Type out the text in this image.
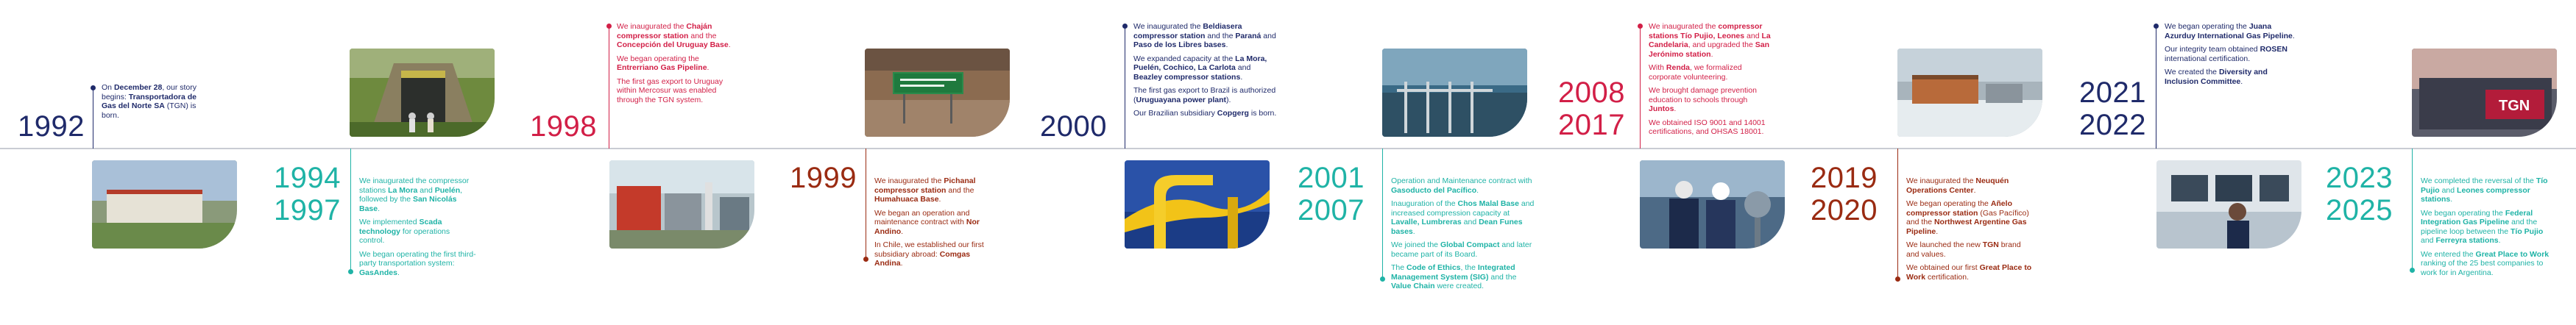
TGN
1992
1994
1997
1998
1999
2000
2001
2007
2008
2017
2019
2020
2021
2022
2023
2025
On December 28, our story begins: Transportadora de Gas del Norte SA (TGN) is born.
We inaugurated the compressor stations La Mora and Puelén, followed by the San Nicolás Base.
We implemented Scada technology for operations control.
We began operating the first third-party transportation system: GasAndes.
We inaugurated the Chaján compressor station and the Concepción del Uruguay Base.
We began operating the Entrerriano Gas Pipeline.
The first gas export to Uruguay within Mercosur was enabled through the TGN system.
We inaugurated the Pichanal compressor station and the Humahuaca Base.
We began an operation and maintenance contract with Nor Andino.
In Chile, we established our first subsidiary abroad: Comgas Andina.
We inaugurated the Beldiasera compressor station and the Paraná and Paso de los Libres bases.
We expanded capacity at the La Mora, Puelén, Cochico, La Carlota and Beazley compressor stations.
The first gas export to Brazil is authorized (Uruguayana power plant).
Our Brazilian subsidiary Copgerg is born.
Operation and Maintenance contract with Gasoducto del Pacífico.
Inauguration of the Chos Malal Base and increased compression capacity at Lavalle, Lumbreras and Dean Funes bases.
We joined the Global Compact and later became part of its Board.
The Code of Ethics, the Integrated Management System (SIG) and the Value Chain were created.
We inaugurated the compressor stations Tío Pujio, Leones and La Candelaria, and upgraded the San Jerónimo station.
With Renda, we formalized corporate volunteering.
We brought damage prevention education to schools through Juntos.
We obtained ISO 9001 and 14001 certifications, and OHSAS 18001.
We inaugurated the Neuquén Operations Center.
We began operating the Añelo compressor station (Gas Pacífico) and the Northwest Argentine Gas Pipeline.
We launched the new TGN brand and values.
We obtained our first Great Place to Work certification.
We began operating the Juana Azurduy International Gas Pipeline.
Our integrity team obtained ROSEN international certification.
We created the Diversity and Inclusion Committee.
We completed the reversal of the Tío Pujio and Leones compressor stations.
We began operating the Federal Integration Gas Pipeline and the pipeline loop between the Tío Pujio and Ferreyra stations.
We entered the Great Place to Work ranking of the 25 best companies to work for in Argentina.
